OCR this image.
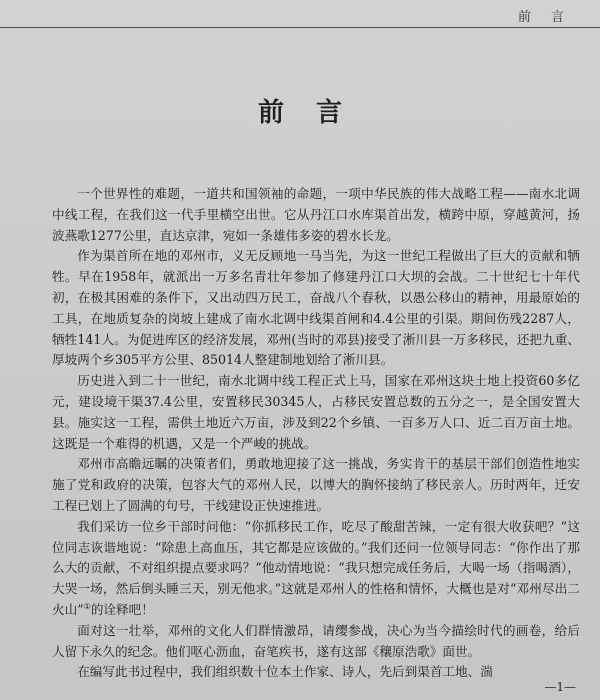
前 言
前言

一个世界性的难题，一道共和国领袖的命题，一项中华民族的伟大战略工程——南水北调中线工程，在我们这一代手里横空出世。它从丹江口水库渠首出发，横跨中原，穿越黄河，扬波燕歌1277公里，直达京津，宛如一条雄伟多姿的碧水长龙。

作为渠首所在地的邓州市，义无反顾地一马当先，为这一世纪工程做出了巨大的贡献和牺牲。早在1958年，就派出一万多名青壮年参加了修建丹江口大坝的会战。二十世纪七十年代初，在极其困难的条件下，又出动四万民工，奋战八个春秋，以愚公移山的精神，用最原始的工具，在地质复杂的岗坡上建成了南水北调中线渠首闸和4.4公里的引渠。期间伤残2287人，牺牲141人。为促进库区的经济发展，邓州(当时的邓县)接受了淅川县一万多移民，还把九重、厚坡两个乡305平方公里、85014人整建制地划给了淅川县。

历史进入到二十一世纪，南水北调中线工程正式上马，国家在邓州这块土地上投资60多亿元，建设境干渠37.4公里，安置移民30345人，占移民安置总数的五分之一，是全国安置大县。施实这一工程，需供土地近六万亩，涉及到22个乡镇、一百多万人口、近二百万亩土地。这既是一个难得的机遇，又是一个严峻的挑战。

邓州市高瞻远瞩的决策者们，勇敢地迎接了这一挑战，务实肯干的基层干部们创造性地实施了党和政府的决策，包容大气的邓州人民，以博大的胸怀接纳了移民亲人。历时两年，迁安工程已划上了圆满的句号，干线建设正快速推进。

我们采访一位乡干部时问他：“你抓移民工作，吃尽了酸甜苦辣，一定有很大收获吧？”这位同志诙谐地说：“除患上高血压，其它都是应该做的。”我们还问一位领导同志：“你作出了那么大的贡献，不对组织提点要求吗？”他动情地说：“我只想完成任务后，大喝一场（指喝酒），大哭一场，然后倒头睡三天，别无他求。”这就是邓州人的性格和情怀，大概也是对“邓州尽出二火山”①的诠释吧！

面对这一壮举，邓州的文化人们群情激昂，请缨参战，决心为当今描绘时代的画卷，给后人留下永久的纪念。他们呕心沥血，奋笔疾书，遂有这部《穰原浩歌》面世。

在编写此书过程中，我们组织数十位本土作家、诗人，先后到渠首工地、湍

—1—
